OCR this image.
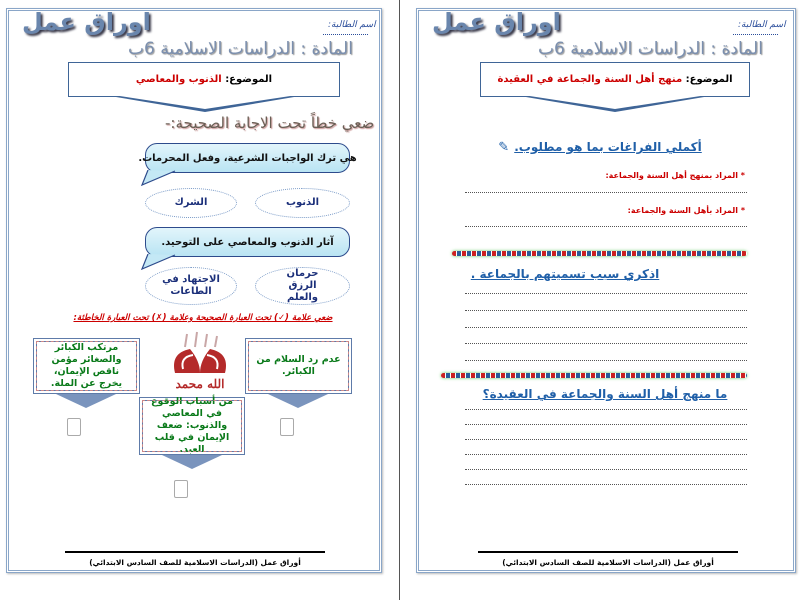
اوراق عمل
المادة : الدراسات الاسلامية 6ب
اسم الطالبة:
الموضوع:

الذنوب والمعاصي
ضعي خطاً تحت الاجابة الصحيحة:-
هي ترك الواجبات الشرعية، وفعل المحرمات.
الذنوب
الشرك
آثار الذنوب والمعاصي على التوحيد.
حرمان الرزق والعلم
الاجتهاد في الطاعات
ضعي علامة (✓) تحت العبارة الصحيحة وعلامة (✗) تحت العبارة الخاطئة:
عدم رد السلام من الكبائر.
من أسباب الوقوع في المعاصي والذنوب: ضعف الإيمان في قلب العبد.
مرتكب الكبائر والصغائر مؤمن ناقص الإيمان، يخرج عن الملة.	الله محمد
أوراق عمل (الدراسات الاسلامية للصف السادس الابتدائي)
اوراق عمل
المادة : الدراسات الاسلامية 6ب
اسم الطالبة:
الموضوع:

منهج أهل السنة والجماعة في العقيدة
أكملي الفراغات بما هو مطلوب. ✎
* المراد بمنهج أهل السنة والجماعة:
* المراد بأهل السنة والجماعة:
اذكري سبب تسميتهم بالجماعة .
ما منهج أهل السنة والجماعة في العقيدة؟
أوراق عمل (الدراسات الاسلامية للصف السادس الابتدائي)
